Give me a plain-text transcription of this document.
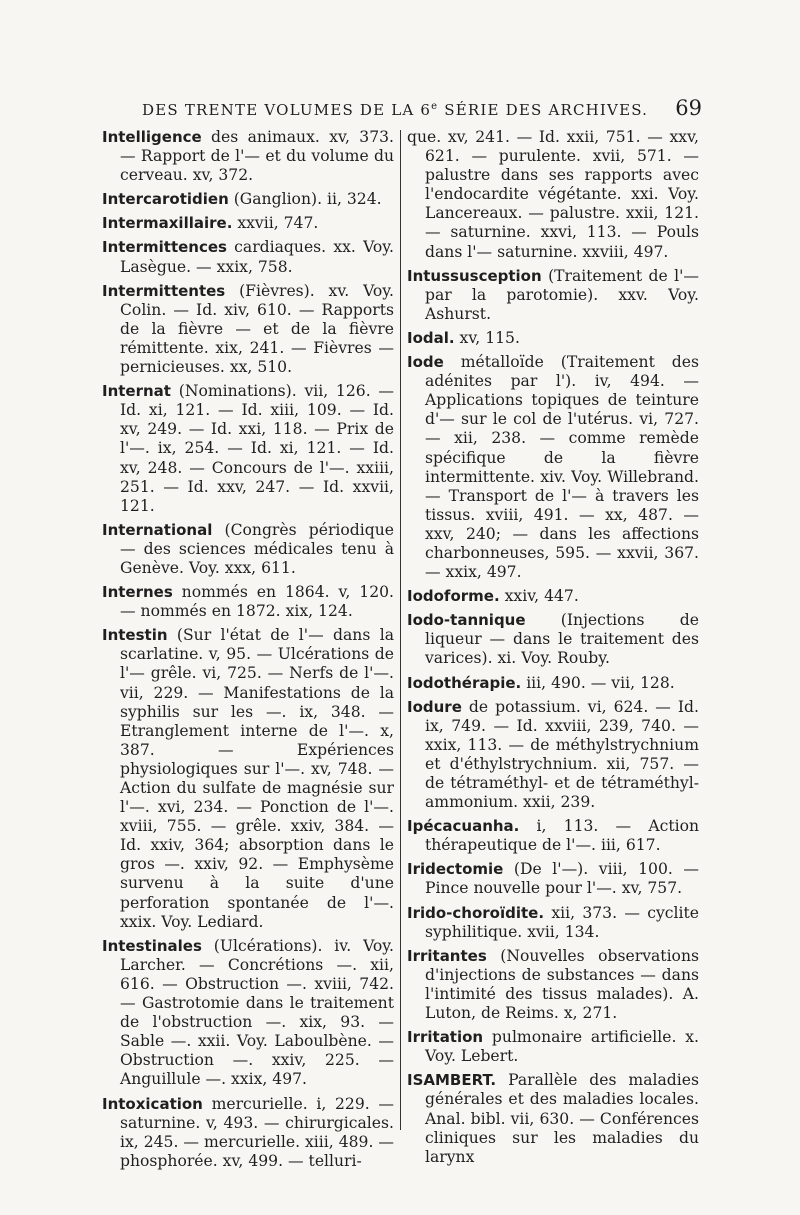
DES TRENTE VOLUMES DE LA 6e SÉRIE DES ARCHIVES. 69

Intelligence des animaux. xv, 373. — Rapport de l'— et du volume du cerveau. xv, 372.

Intercarotidien (Ganglion). ii, 324.

Intermaxillaire. xxvii, 747.

Intermittences cardiaques. xx. Voy. Lasègue. — xxix, 758.

Intermittentes (Fièvres). xv. Voy. Colin. — Id. xiv, 610. — Rapports de la fièvre — et de la fièvre rémittente. xix, 241. — Fièvres — pernicieuses. xx, 510.

Internat (Nominations). vii, 126. — Id. xi, 121. — Id. xiii, 109. — Id. xv, 249. — Id. xxi, 118. — Prix de l'—. ix, 254. — Id. xi, 121. — Id. xv, 248. — Concours de l'—. xxiii, 251. — Id. xxv, 247. — Id. xxvii, 121.

International (Congrès périodique — des sciences médicales tenu à Genève. Voy. xxx, 611.

Internes nommés en 1864. v, 120. — nommés en 1872. xix, 124.

Intestin (Sur l'état de l'— dans la scarlatine. v, 95. — Ulcérations de l'— grêle. vi, 725. — Nerfs de l'—. vii, 229. — Manifestations de la syphilis sur les —. ix, 348. — Etranglement interne de l'—. x, 387. — Expériences physiologiques sur l'—. xv, 748. — Action du sulfate de magnésie sur l'—. xvi, 234. — Ponction de l'—. xviii, 755. — grêle. xxiv, 384. — Id. xxiv, 364; absorption dans le gros —. xxiv, 92. — Emphysème survenu à la suite d'une perforation spontanée de l'—. xxix. Voy. Lediard.

Intestinales (Ulcérations). iv. Voy. Larcher. — Concrétions —. xii, 616. — Obstruction —. xviii, 742. — Gastrotomie dans le traitement de l'obstruction —. xix, 93. — Sable —. xxii. Voy. Laboulbène. — Obstruction —. xxiv, 225. — Anguillule —. xxix, 497.

Intoxication mercurielle. i, 229. — saturnine. v, 493. — chirurgicales. ix, 245. — mercurielle. xiii, 489. — phosphorée. xv, 499. — telluri-

que. xv, 241. — Id. xxii, 751. — xxv, 621. — purulente. xvii, 571. — palustre dans ses rapports avec l'endocardite végétante. xxi. Voy. Lancereaux. — palustre. xxii, 121. — saturnine. xxvi, 113. — Pouls dans l'— saturnine. xxviii, 497.

Intussusception (Traitement de l'— par la parotomie). xxv. Voy. Ashurst.

Iodal. xv, 115.

Iode métalloïde (Traitement des adénites par l'). iv, 494. — Applications topiques de teinture d'— sur le col de l'utérus. vi, 727. — xii, 238. — comme remède spécifique de la fièvre intermittente. xiv. Voy. Willebrand. — Transport de l'— à travers les tissus. xviii, 491. — xx, 487. — xxv, 240; — dans les affections charbonneuses, 595. — xxvii, 367. — xxix, 497.

Iodoforme. xxiv, 447.

Iodo-tannique (Injections de liqueur — dans le traitement des varices). xi. Voy. Rouby.

Iodothérapie. iii, 490. — vii, 128.

Iodure de potassium. vi, 624. — Id. ix, 749. — Id. xxviii, 239, 740. — xxix, 113. — de méthylstrychnium et d'éthylstrychnium. xii, 757. — de tétraméthyl- et de tétraméthyl-ammonium. xxii, 239.

Ipécacuanha. i, 113. — Action thérapeutique de l'—. iii, 617.

Iridectomie (De l'—). viii, 100. — Pince nouvelle pour l'—. xv, 757.

Irido-choroïdite. xii, 373. — cyclite syphilitique. xvii, 134.

Irritantes (Nouvelles observations d'injections de substances — dans l'intimité des tissus malades). A. Luton, de Reims. x, 271.

Irritation pulmonaire artificielle. x. Voy. Lebert.

ISAMBERT. Parallèle des maladies générales et des maladies locales. Anal. bibl. vii, 630. — Conférences cliniques sur les maladies du larynx
